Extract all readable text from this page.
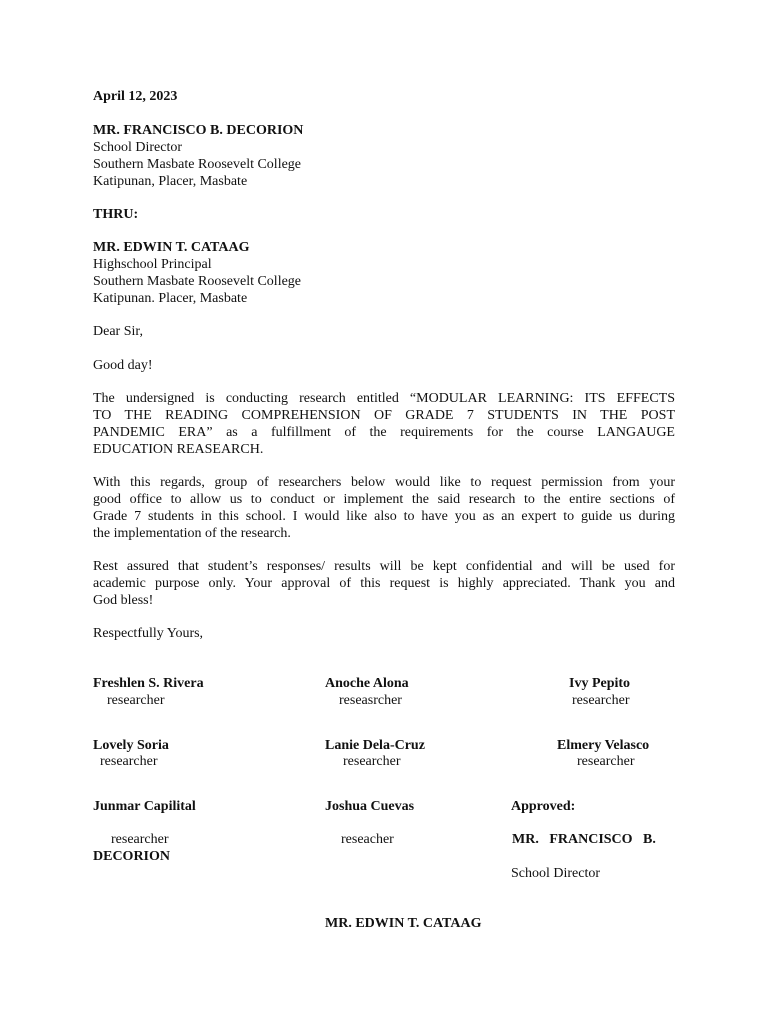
April 12, 2023
MR. FRANCISCO B. DECORION
School Director
Southern Masbate Roosevelt College
Katipunan, Placer, Masbate
THRU:
MR. EDWIN T. CATAAG
Highschool Principal
Southern Masbate Roosevelt College
Katipunan. Placer, Masbate
Dear Sir,
Good day!
The undersigned is conducting research entitled “MODULAR LEARNING: ITS EFFECTS
TO THE READING COMPREHENSION OF GRADE 7 STUDENTS IN THE POST
PANDEMIC ERA” as a fulfillment of the requirements for the course LANGAUGE
EDUCATION REASEARCH.
With this regards, group of researchers below would like to request permission from your
good office to allow us to conduct or implement the said research to the entire sections of
Grade 7 students in this school. I would like also to have you as an expert to guide us during
the implementation of the research.
Rest assured that student’s responses/ results will be kept confidential and will be used for
academic purpose only. Your approval of this request is highly appreciated. Thank you and
God bless!
Respectfully Yours,
Freshlen S. Rivera
researcher
Anoche Alona
reseasrcher
Ivy Pepito
researcher
Lovely Soria
researcher
Lanie Dela-Cruz
researcher
Elmery Velasco
researcher
Junmar Capilital
researcher
Joshua Cuevas
reseacher
Approved:
MR.   FRANCISCO   B.
DECORION
School Director
MR. EDWIN T. CATAAG
